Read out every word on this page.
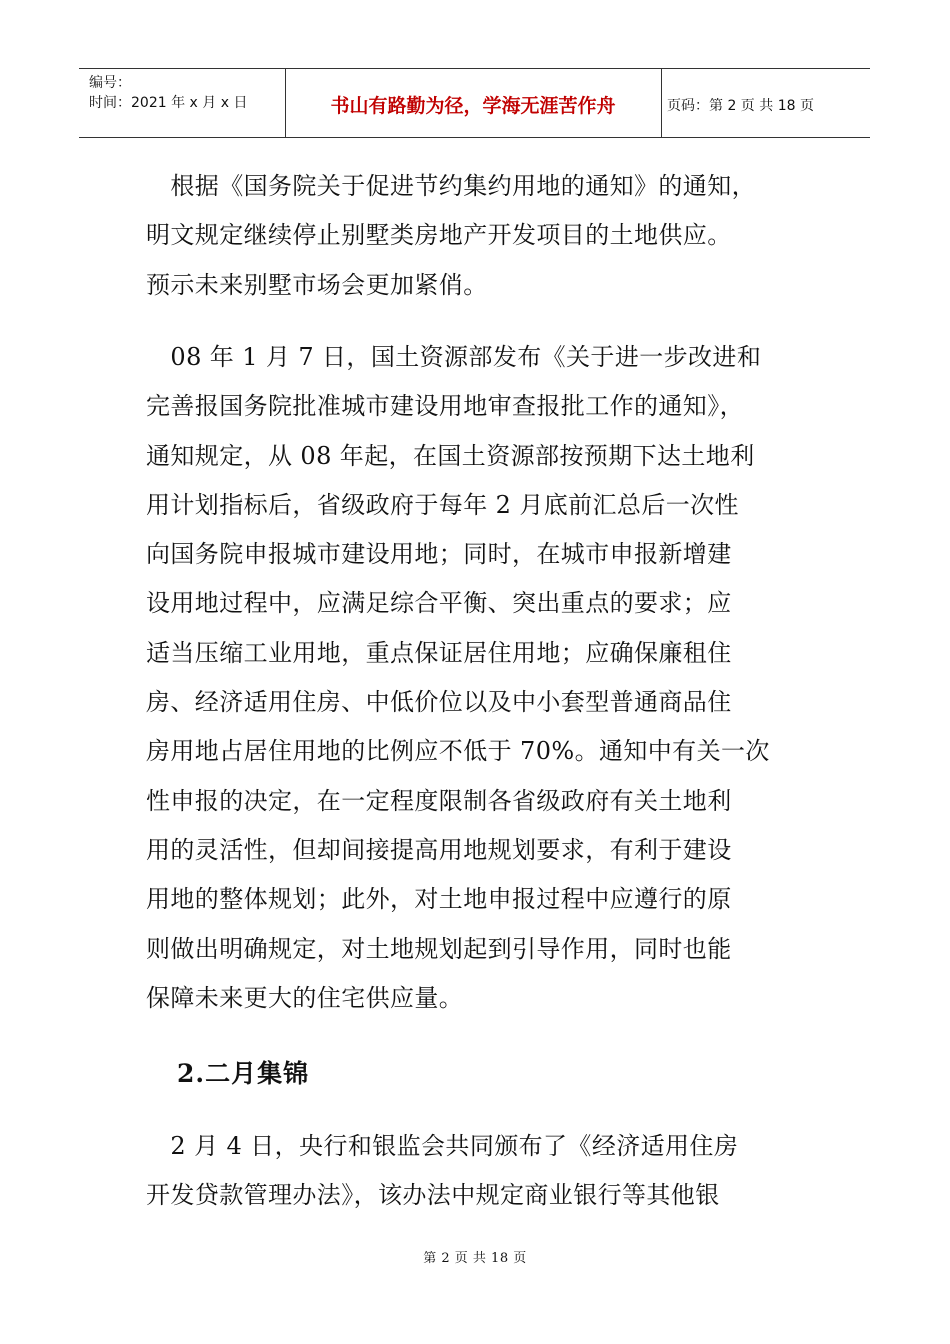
编号：
时间：2021 年 x 月 x 日	书山有路勤为径，学海无涯苦作舟	页码：第 2 页 共 18 页
　根据《国务院关于促进节约集约用地的通知》的通知，
明文规定继续停止别墅类房地产开发项目的土地供应。
预示未来别墅市场会更加紧俏。
　08 年 1 月 7 日，国土资源部发布《关于进一步改进和
完善报国务院批准城市建设用地审查报批工作的通知》，
通知规定，从 08 年起，在国土资源部按预期下达土地利
用计划指标后，省级政府于每年 2 月底前汇总后一次性
向国务院申报城市建设用地；同时，在城市申报新增建
设用地过程中，应满足综合平衡、突出重点的要求；应
适当压缩工业用地，重点保证居住用地；应确保廉租住
房、经济适用住房、中低价位以及中小套型普通商品住
房用地占居住用地的比例应不低于 70%。通知中有关一次
性申报的决定，在一定程度限制各省级政府有关土地利
用的灵活性，但却间接提高用地规划要求，有利于建设
用地的整体规划；此外，对土地申报过程中应遵行的原
则做出明确规定，对土地规划起到引导作用，同时也能
保障未来更大的住宅供应量。
2.二月集锦
　2 月 4 日，央行和银监会共同颁布了《经济适用住房
开发贷款管理办法》，该办法中规定商业银行等其他银
第 2 页 共 18 页
